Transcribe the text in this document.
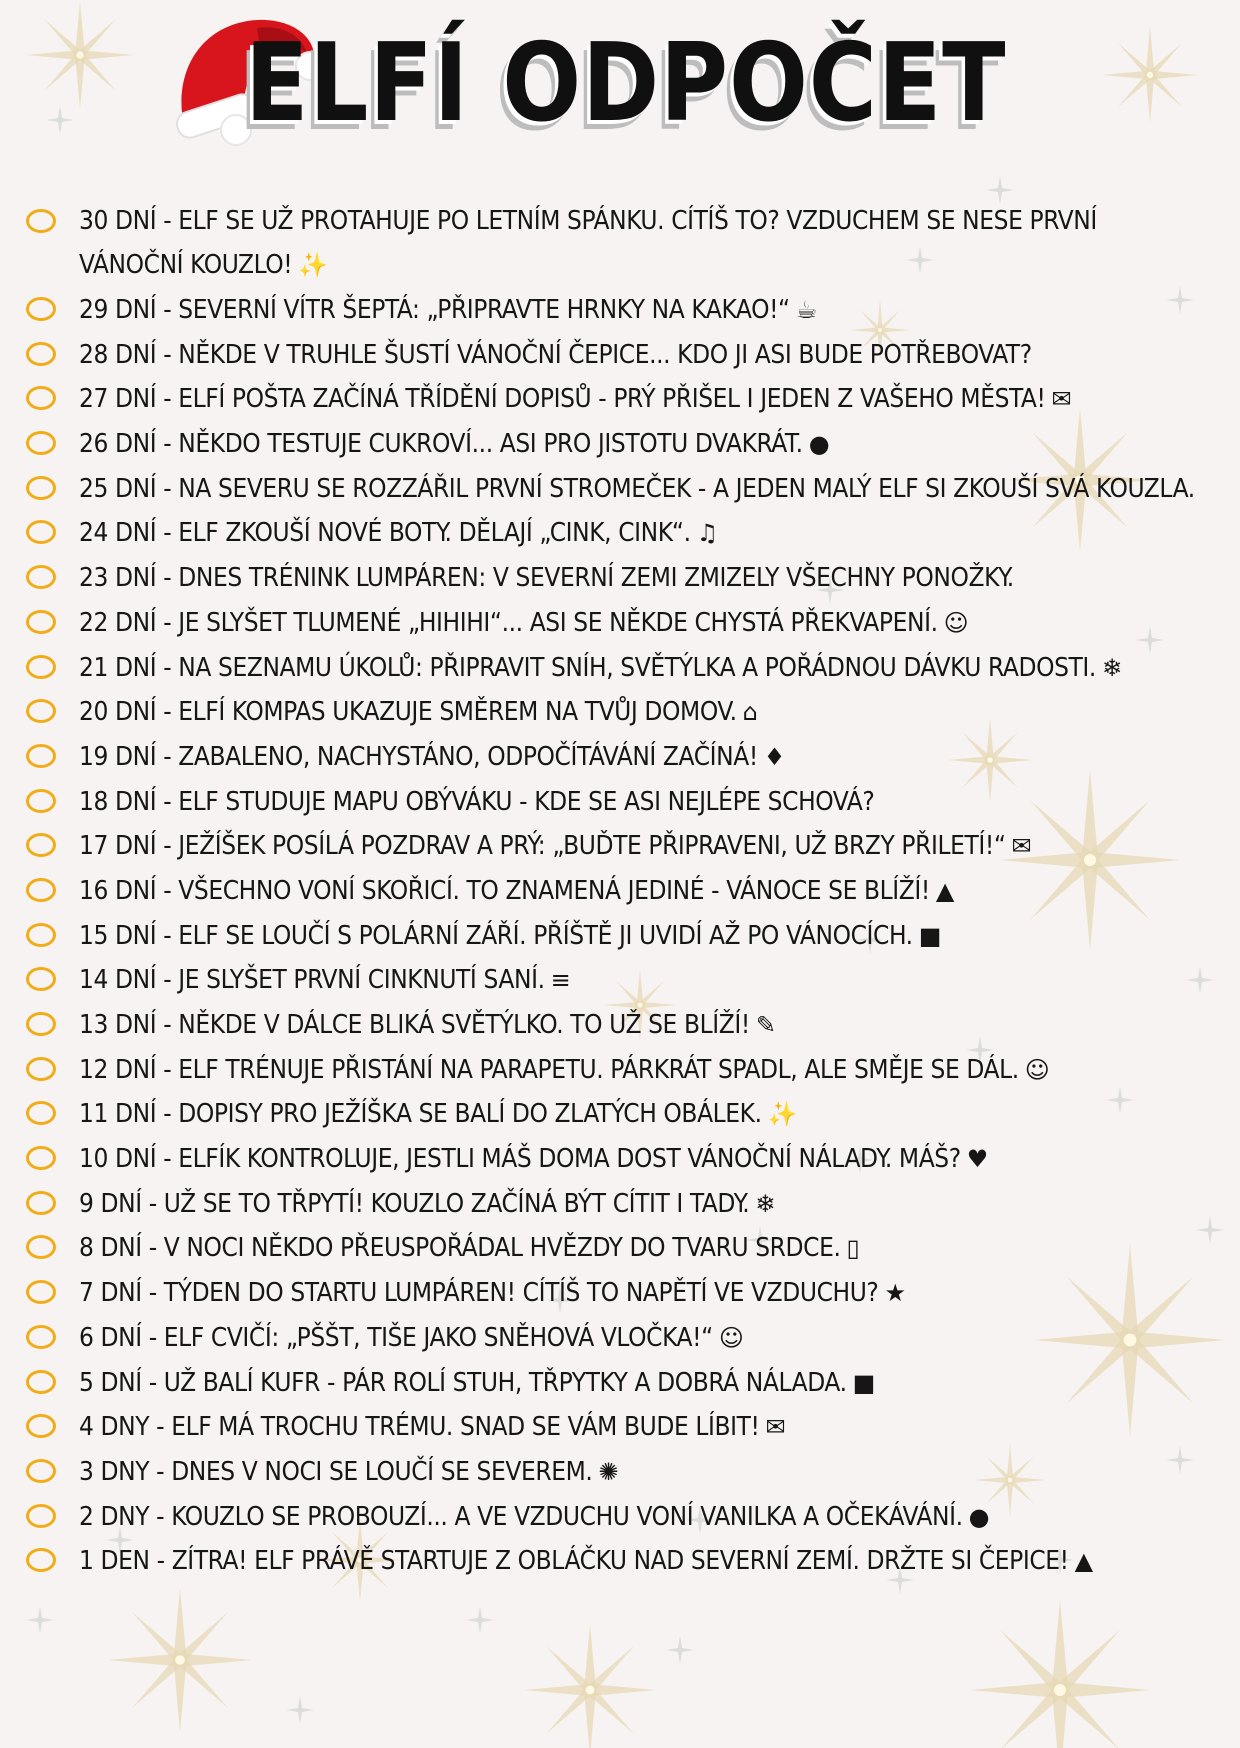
ELFÍ ODPOČET
30 DNÍ - ELF SE UŽ PROTAHUJE PO LETNÍM SPÁNKU. CÍTÍŠ TO? VZDUCHEM SE NESE PRVNÍ VÁNOČNÍ KOUZLO! ✨
29 DNÍ - SEVERNÍ VÍTR ŠEPTÁ: „PŘIPRAVTE HRNKY NA KAKAO!“ ☕
28 DNÍ - NĚKDE V TRUHLE ŠUSTÍ VÁNOČNÍ ČEPICE... KDO JI ASI BUDE POTŘEBOVAT?
27 DNÍ - ELFÍ POŠTA ZAČÍNÁ TŘÍDĚNÍ DOPISŮ - PRÝ PŘIŠEL I JEDEN Z VAŠEHO MĚSTA! ✉
26 DNÍ - NĚKDO TESTUJE CUKROVÍ... ASI PRO JISTOTU DVAKRÁT. ●
25 DNÍ - NA SEVERU SE ROZZÁŘIL PRVNÍ STROMEČEK - A JEDEN MALÝ ELF SI ZKOUŠÍ SVÁ KOUZLA.
24 DNÍ - ELF ZKOUŠÍ NOVÉ BOTY. DĚLAJÍ „CINK, CINK“. ♫
23 DNÍ - DNES TRÉNINK LUMPÁREN: V SEVERNÍ ZEMI ZMIZELY VŠECHNY PONOŽKY.
22 DNÍ - JE SLYŠET TLUMENÉ „HIHIHI“... ASI SE NĚKDE CHYSTÁ PŘEKVAPENÍ. ☺
21 DNÍ - NA SEZNAMU ÚKOLŮ: PŘIPRAVIT SNÍH, SVĚTÝLKA A POŘÁDNOU DÁVKU RADOSTI. ❄
20 DNÍ - ELFÍ KOMPAS UKAZUJE SMĚREM NA TVŮJ DOMOV. ⌂
19 DNÍ - ZABALENO, NACHYSTÁNO, ODPOČÍTÁVÁNÍ ZAČÍNÁ! ♦
18 DNÍ - ELF STUDUJE MAPU OBÝVÁKU - KDE SE ASI NEJLÉPE SCHOVÁ?
17 DNÍ - JEŽÍŠEK POSÍLÁ POZDRAV A PRÝ: „BUĎTE PŘIPRAVENI, UŽ BRZY PŘILETÍ!“ ✉
16 DNÍ - VŠECHNO VONÍ SKOŘICÍ. TO ZNAMENÁ JEDINÉ - VÁNOCE SE BLÍŽÍ! ▲
15 DNÍ - ELF SE LOUČÍ S POLÁRNÍ ZÁŘÍ. PŘÍŠTĚ JI UVIDÍ AŽ PO VÁNOCÍCH. ■
14 DNÍ - JE SLYŠET PRVNÍ CINKNUTÍ SANÍ. ≡
13 DNÍ - NĚKDE V DÁLCE BLIKÁ SVĚTÝLKO. TO UŽ SE BLÍŽÍ! ✎
12 DNÍ - ELF TRÉNUJE PŘISTÁNÍ NA PARAPETU. PÁRKRÁT SPADL, ALE SMĚJE SE DÁL. ☺
11 DNÍ - DOPISY PRO JEŽÍŠKA SE BALÍ DO ZLATÝCH OBÁLEK. ✨
10 DNÍ - ELFÍK KONTROLUJE, JESTLI MÁŠ DOMA DOST VÁNOČNÍ NÁLADY. MÁŠ? ♥
9 DNÍ - UŽ SE TO TŘPYTÍ! KOUZLO ZAČÍNÁ BÝT CÍTIT I TADY. ❄
8 DNÍ - V NOCI NĚKDO PŘEUSPOŘÁDAL HVĚZDY DO TVARU SRDCE. ▯
7 DNÍ - TÝDEN DO STARTU LUMPÁREN! CÍTÍŠ TO NAPĚTÍ VE VZDUCHU? ★
6 DNÍ - ELF CVIČÍ: „PŠŠT, TIŠE JAKO SNĚHOVÁ VLOČKA!“ ☺
5 DNÍ - UŽ BALÍ KUFR - PÁR ROLÍ STUH, TŘPYTKY A DOBRÁ NÁLADA. ■
4 DNY - ELF MÁ TROCHU TRÉMU. SNAD SE VÁM BUDE LÍBIT! ✉
3 DNY - DNES V NOCI SE LOUČÍ SE SEVEREM. ✺
2 DNY - KOUZLO SE PROBOUZÍ... A VE VZDUCHU VONÍ VANILKA A OČEKÁVÁNÍ. ●
1 DEN - ZÍTRA! ELF PRÁVĚ STARTUJE Z OBLÁČKU NAD SEVERNÍ ZEMÍ. DRŽTE SI ČEPICE! ▲
